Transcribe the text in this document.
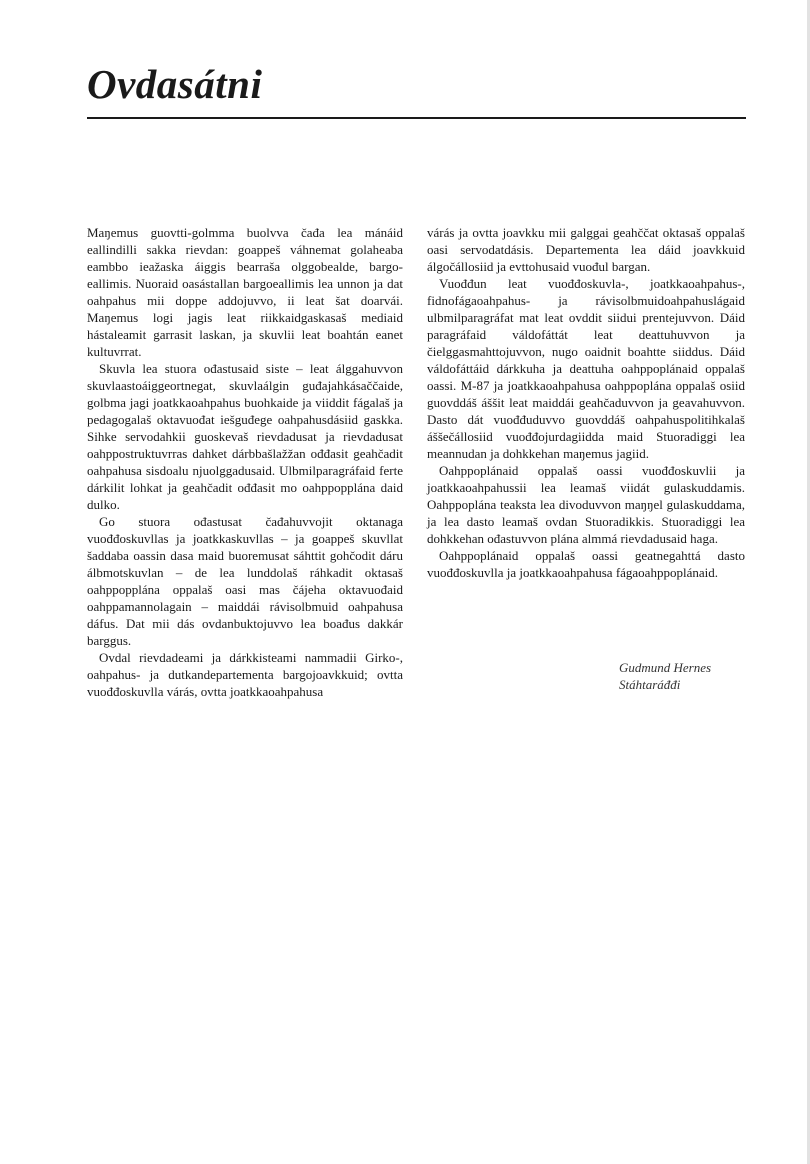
Ovdasátni

Maŋemus guovtti-golmma buolvva čađa lea mánáid eallindilli sakka rievdan: goappeš váhnemat golaheaba eambbo ieažaska áiggis bearraša olggobealde, bargo-eallimis. Nuoraid oasástallan bargoeallimis lea unnon ja dat oahpahus mii doppe addojuvvo, ii leat šat doarvái. Maŋemus logi jagis leat riikkaidgaskasaš mediaid hástaleamit garrasit laskan, ja skuvlii leat boahtán eanet kultuvrrat.

Skuvla lea stuora ođastusaid siste – leat álggahuvvon skuvlaastoáiggeortnegat, skuvlaálgin guđajahkásaččaide, golbma jagi joatkkaoahpahus buohkaide ja viiddit fágalaš ja pedagogalaš oktavuođat iešguđege oahpahusdásiid gaskka. Sihke servodahkii guoskevaš rievdadusat ja rievdadusat oahppostruktuvrras dahket dárbbašlažžan ođđasit geahčadit oahpahusa sisdoalu njuolggadusaid. Ulbmilparagráfaid ferte dárkilit lohkat ja geahčadit ođđasit mo oahppopplána daid dulko.

Go stuora ođastusat čađahuvvojit oktanaga vuođđoskuvllas ja joatkkaskuvllas – ja goappeš skuvllat šaddaba oassin dasa maid buoremusat sáhttit gohčodit dáru álbmotskuvlan – de lea lunddolaš ráhkadit oktasaš oahppopplána oppalaš oasi mas čájeha oktavuođaid oahppamannolagain – maiddái rávisolbmuid oahpahusa dáfus. Dat mii dás ovdanbuktojuvvo lea boađus dakkár barggus.

Ovdal rievdadeami ja dárkkisteami nammadii Girko-, oahpahus- ja dutkandepartementa bargojoavkkuid; ovtta vuođđoskuvlla várás, ovtta joatkkaoahpahusa

várás ja ovtta joavkku mii galggai geahččat oktasaš oppalaš oasi servodatdásis. Departementa lea dáid joavkkuid álgočállosiid ja evttohusaid vuođul bargan.

Vuođđun leat vuođđoskuvla-, joatkkaoahpahus-, fidnofágaoahpahus- ja rávisolbmuidoahpahuslágaid ulbmilparagráfat mat leat ovddit siidui prentejuvvon. Dáid paragráfaid váldofáttát leat deattuhuvvon ja čielggasmahttojuvvon, nugo oaidnit boahtte siiddus. Dáid váldofáttáid dárkkuha ja deattuha oahppoplánaid oppalaš oassi. M-87 ja joatkkaoahpahusa oahppoplána oppalaš osiid guovddáš áššit leat maiddái geahčaduvvon ja geavahuvvon. Dasto dát vuođđuduvvo guovddáš oahpahuspolitihkalaš áššečállosiid vuođđojurdagiidda maid Stuoradiggi lea meannudan ja dohkkehan maŋemus jagiid.

Oahppoplánaid oppalaš oassi vuođđoskuvlii ja joatkkaoahpahussii lea leamaš viidát gulaskuddamis. Oahppoplána teaksta lea divoduvvon maŋŋel gulaskuddama, ja lea dasto leamaš ovdan Stuoradikkis. Stuoradiggi lea dohkkehan ođastuvvon plána almmá rievdadusaid haga.

Oahppoplánaid oppalaš oassi geatnegahttá dasto vuođđoskuvlla ja joatkkaoahpahusa fágaoahppoplánaid.

Gudmund Hernes
Stáhtaráđđi
